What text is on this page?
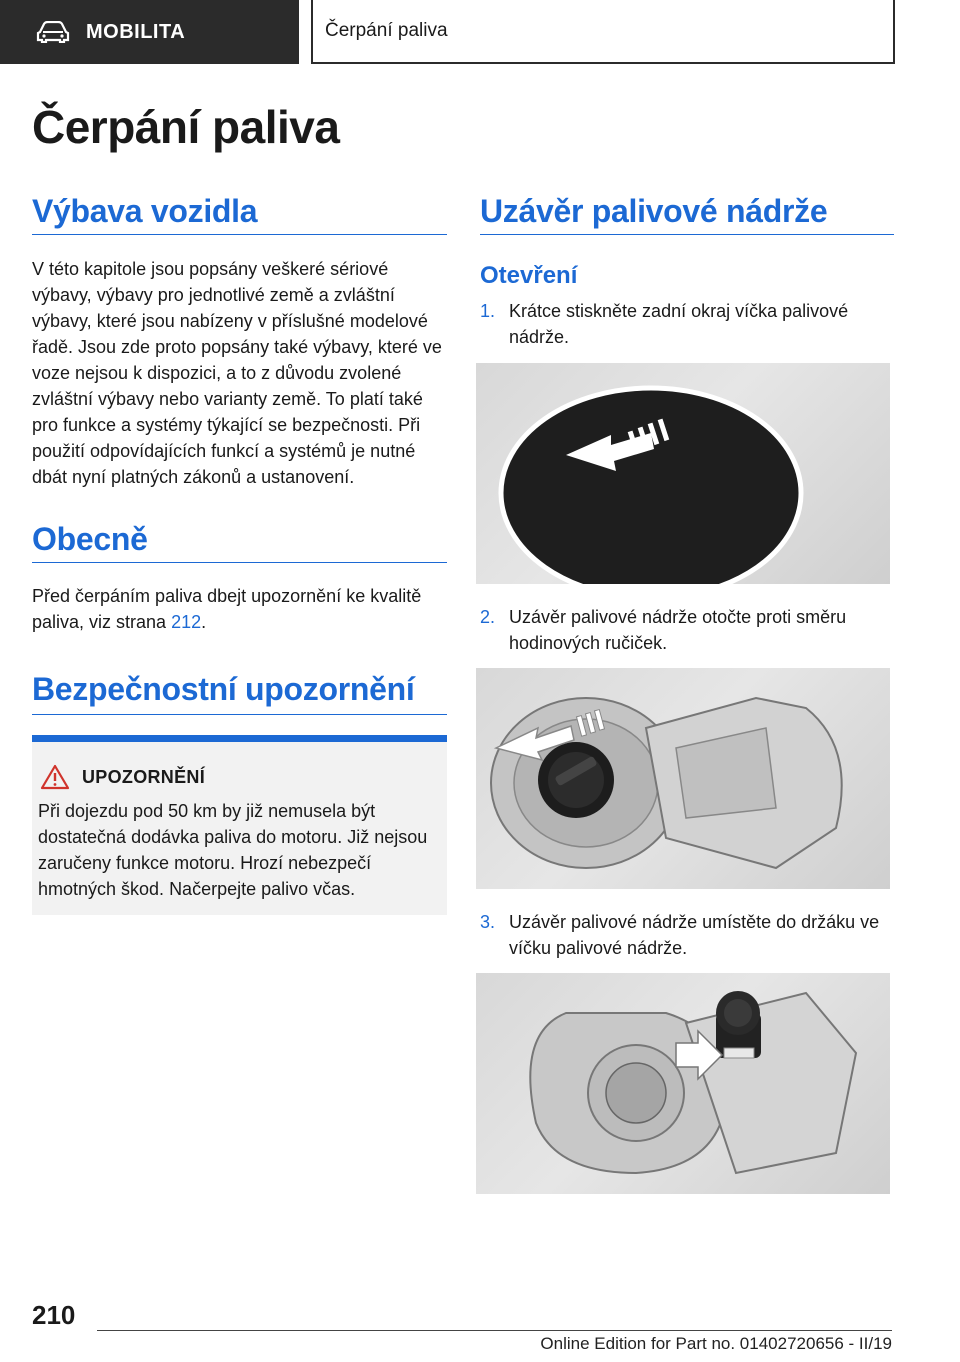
MOBILITA	Čerpání paliva
Čerpání paliva
Výbava vozidla
V této kapitole jsou popsány veškeré sériové výbavy, výbavy pro jednotlivé země a zvláštní výbavy, které jsou nabízeny v příslušné modelové řadě. Jsou zde proto popsány také výbavy, které ve voze nejsou k dispozici, a to z důvodu zvolené zvláštní výbavy nebo varianty země. To platí také pro funkce a systémy týkající se bezpečnosti. Při použití odpovídajících funkcí a systémů je nutné dbát nyní platných zákonů a ustanovení.
Obecně
Před čerpáním paliva dbejt upozornění ke kvalitě paliva, viz strana 212.
Bezpečnostní upozornění
UPOZORNĚNÍ
Při dojezdu pod 50 km by již nemusela být dostatečná dodávka paliva do motoru. Již nejsou zaručeny funkce motoru. Hrozí nebezpečí hmotných škod. Načerpejte palivo včas.
Uzávěr palivové nádrže
Otevření
1. Krátce stiskněte zadní okraj víčka palivové nádrže.
2. Uzávěr palivové nádrže otočte proti směru hodinových ručiček.
3. Uzávěr palivové nádrže umístěte do držáku ve víčku palivové nádrže.
210
Online Edition for Part no. 01402720656 - II/19
